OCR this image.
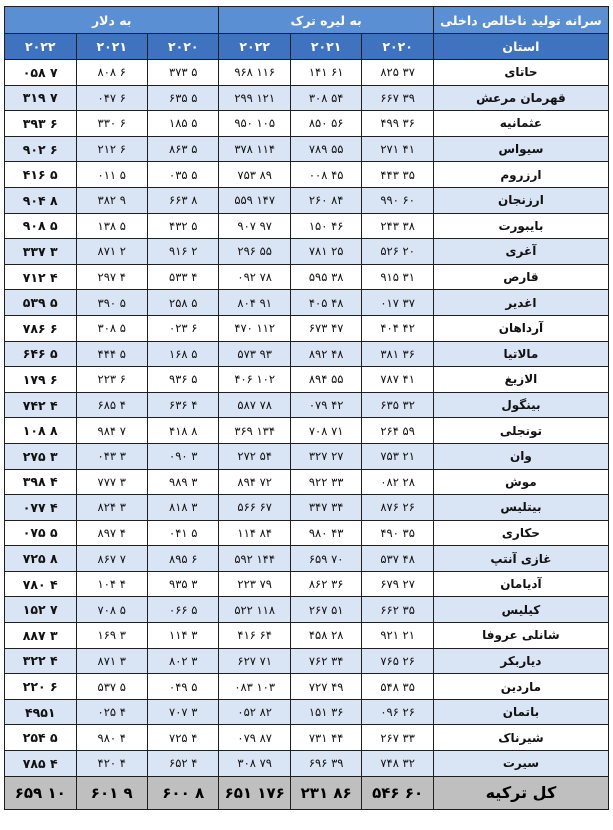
سرانه تولید ناخالص داخلی	به لیره ترک			به دلار		
استان	۲۰۲۰	۲۰۲۱	۲۰۲۲	۲۰۲۰	۲۰۲۱	۲۰۲۲
حاتای	۳۷ ۸۲۵	۶۱ ۱۴۱	۱۱۶ ۹۶۸	۵ ۳۷۳	۶ ۸۰۸	۷ ۰۵۸
قهرمان مرعش	۳۹ ۶۶۷	۵۴ ۳۰۸	۱۲۱ ۲۹۹	۵ ۶۳۵	۶ ۰۴۷	۷ ۳۱۹
عثمانیه	۳۶ ۴۹۹	۵۶ ۸۵۰	۱۰۵ ۹۵۰	۵ ۱۸۵	۶ ۳۳۰	۶ ۳۹۳
سیواس	۴۱ ۲۷۱	۵۵ ۷۸۹	۱۱۴ ۳۷۸	۵ ۸۶۳	۶ ۲۱۲	۶ ۹۰۲
ارزروم	۳۵ ۴۴۳	۴۵ ۰۰۸	۸۹ ۷۵۳	۵ ۰۳۵	۵ ۰۱۱	۵ ۴۱۶
ارزنجان	۶۰ ۹۹۰	۸۴ ۲۶۰	۱۴۷ ۵۵۹	۸ ۶۶۳	۹ ۳۸۲	۸ ۹۰۴
بایبورت	۳۸ ۲۴۳	۴۶ ۱۵۰	۹۷ ۹۰۷	۵ ۴۳۲	۵ ۱۳۸	۵ ۹۰۸
آغری	۲۰ ۵۲۶	۲۵ ۷۸۱	۵۵ ۲۹۶	۲ ۹۱۶	۲ ۸۷۱	۳ ۳۳۷
قارص	۳۱ ۹۱۵	۳۸ ۵۹۵	۷۸ ۰۹۲	۴ ۵۳۳	۴ ۲۹۷	۴ ۷۱۲
اغدیر	۳۷ ۰۱۷	۴۸ ۴۰۵	۹۱ ۸۰۴	۵ ۲۵۸	۵ ۳۹۰	۵ ۵۳۹
آرداهان	۴۲ ۴۰۴	۴۷ ۶۷۳	۱۱۲ ۴۷۰	۶ ۰۲۳	۵ ۳۰۸	۶ ۷۸۶
مالاتیا	۳۶ ۳۸۱	۴۸ ۸۹۲	۹۳ ۵۷۳	۵ ۱۶۸	۵ ۴۴۴	۵ ۶۴۶
الازیغ	۴۱ ۷۸۷	۵۵ ۸۹۴	۱۰۲ ۴۰۶	۵ ۹۳۶	۶ ۲۲۳	۶ ۱۷۹
بینگول	۳۲ ۶۳۵	۴۲ ۰۷۹	۷۸ ۵۸۷	۴ ۶۳۶	۴ ۶۸۵	۴ ۷۴۲
تونجلی	۵۹ ۲۶۴	۷۱ ۷۰۸	۱۳۴ ۳۶۹	۸ ۴۱۸	۷ ۹۸۴	۸ ۱۰۸
وان	۲۱ ۷۵۳	۲۷ ۳۲۷	۵۴ ۲۷۲	۳ ۰۹۰	۳ ۰۴۳	۳ ۲۷۵
موش	۲۸ ۰۸۲	۳۳ ۹۲۲	۷۲ ۸۹۴	۳ ۹۸۹	۳ ۷۷۷	۴ ۳۹۸
بیتلیس	۲۶ ۸۷۶	۳۴ ۳۴۷	۶۷ ۵۶۶	۳ ۸۱۸	۳ ۸۲۴	۴ ۰۷۷
حکاری	۳۵ ۴۹۰	۴۳ ۹۸۰	۸۴ ۱۱۴	۵ ۰۴۱	۴ ۸۹۷	۵ ۰۷۵
غازی آنتپ	۴۸ ۵۳۷	۷۰ ۶۵۹	۱۴۴ ۵۹۲	۶ ۸۹۵	۷ ۸۶۷	۸ ۷۲۵
آدیامان	۲۷ ۶۷۹	۳۶ ۸۶۲	۷۹ ۲۲۳	۳ ۹۳۵	۴ ۱۰۴	۴ ۷۸۰
کیلیس	۳۵ ۶۶۲	۵۱ ۲۶۷	۱۱۸ ۵۲۲	۵ ۰۶۶	۵ ۷۰۸	۷ ۱۵۲
شانلی عروفا	۲۱ ۹۲۱	۲۸ ۴۵۸	۶۴ ۴۱۶	۳ ۱۱۴	۳ ۱۶۹	۳ ۸۸۷
دیاربکر	۲۶ ۷۶۵	۳۴ ۷۶۲	۷۱ ۶۲۷	۳ ۸۰۲	۳ ۸۷۱	۴ ۳۲۲
ماردین	۳۵ ۵۴۸	۴۹ ۷۲۷	۱۰۳ ۰۸۳	۵ ۰۴۹	۵ ۵۳۷	۶ ۲۲۰
باتمان	۲۶ ۰۹۶	۳۶ ۱۵۱	۸۲ ۰۵۲	۳ ۷۰۷	۴ ۰۲۵	۴۹۵۱
شیرناک	۳۳ ۲۶۷	۴۴ ۷۳۱	۸۷ ۰۷۹	۴ ۷۲۵	۴ ۹۸۰	۵ ۲۵۴
سیرت	۳۲ ۷۴۸	۳۹ ۶۹۶	۷۹ ۳۰۸	۴ ۶۵۲	۴ ۴۲۰	۴ ۷۸۵
کل ترکیه	۶۰ ۵۴۶	۸۶ ۲۳۱	۱۷۶ ۶۵۱	۸ ۶۰۰	۹ ۶۰۱	۱۰ ۶۵۹
